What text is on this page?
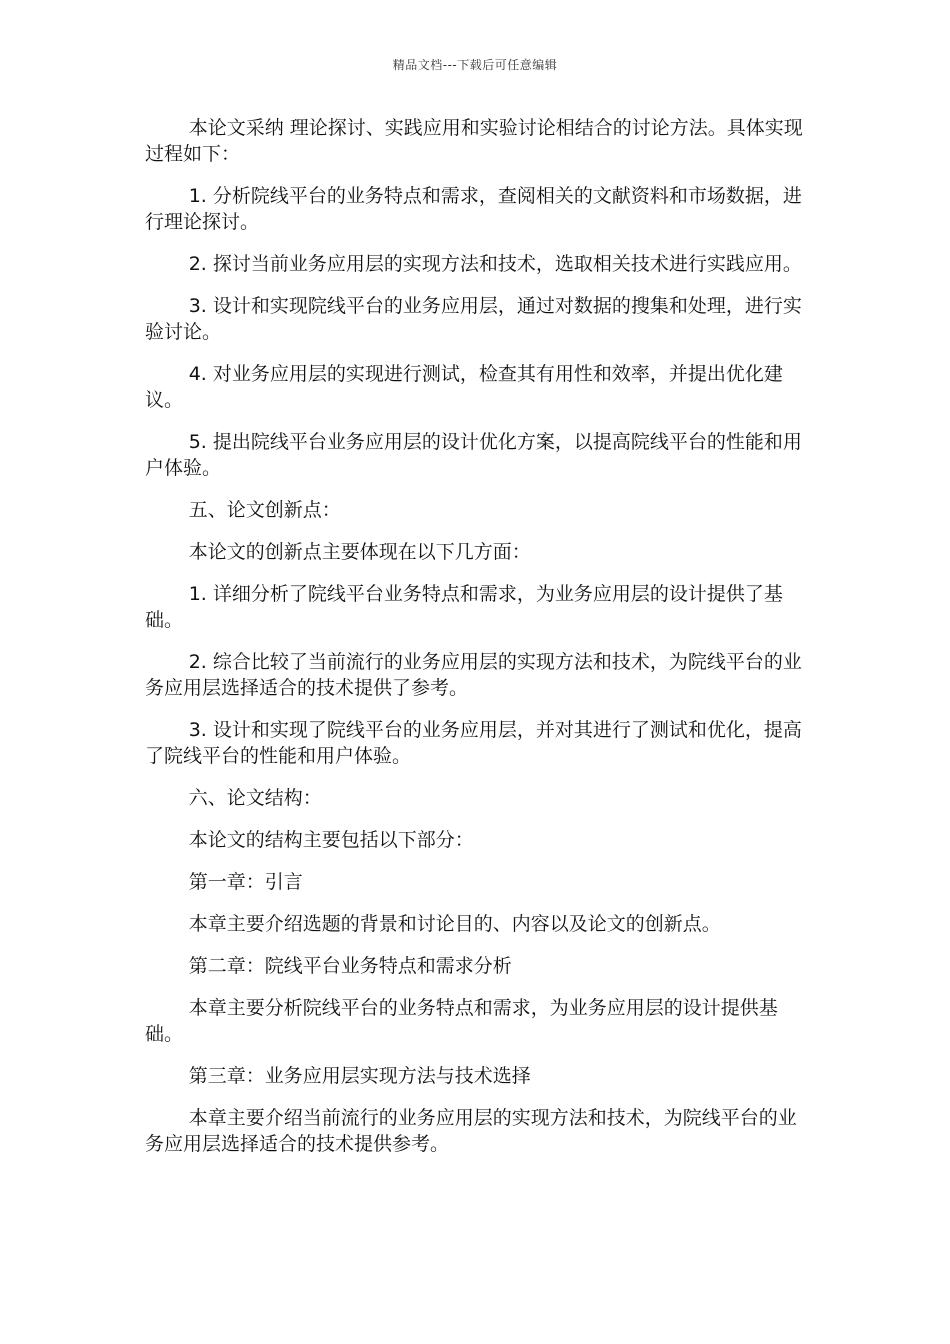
精品文档---下载后可任意编辑

本论文采纳 理论探讨、实践应用和实验讨论相结合的讨论方法。具体实现过程如下：

1. 分析院线平台的业务特点和需求，查阅相关的文献资料和市场数据，进行理论探讨。

2. 探讨当前业务应用层的实现方法和技术，选取相关技术进行实践应用。

3. 设计和实现院线平台的业务应用层，通过对数据的搜集和处理，进行实验讨论。

4. 对业务应用层的实现进行测试，检查其有用性和效率，并提出优化建议。

5. 提出院线平台业务应用层的设计优化方案，以提高院线平台的性能和用户体验。

五、论文创新点：

本论文的创新点主要体现在以下几方面：

1. 详细分析了院线平台业务特点和需求，为业务应用层的设计提供了基础。

2. 综合比较了当前流行的业务应用层的实现方法和技术，为院线平台的业务应用层选择适合的技术提供了参考。

3. 设计和实现了院线平台的业务应用层，并对其进行了测试和优化，提高了院线平台的性能和用户体验。

六、论文结构：

本论文的结构主要包括以下部分：

第一章：引言

本章主要介绍选题的背景和讨论目的、内容以及论文的创新点。

第二章：院线平台业务特点和需求分析

本章主要分析院线平台的业务特点和需求，为业务应用层的设计提供基础。

第三章：业务应用层实现方法与技术选择

本章主要介绍当前流行的业务应用层的实现方法和技术，为院线平台的业务应用层选择适合的技术提供参考。
